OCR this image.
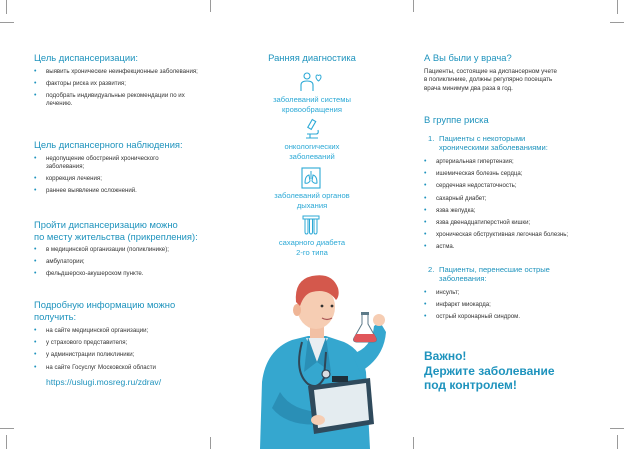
Цель диспансеризации:
• выявить хронические неинфекционные заболевания;
• факторы риска их развития;
• подобрать индивидуальные рекомендации по их лечению.
Цель диспансерного наблюдения:
• недопущение обострений хронического заболевания;
• коррекция лечения;
• раннее выявление осложнений.
Пройти диспансеризацию можно
по месту жительства (прикрепления):
• в медицинской организации (поликлинике);
• амбулатории;
• фельдшерско-акушерском пункте.
Подробную информацию можно
получить:
• на сайте медицинской организации;
• у страхового представителя;
• у администрации поликлиники;
• на сайте Госуслуг Московской области
https://uslugi.mosreg.ru/zdrav/
Ранняя диагностика
заболеваний системы
кровообращения
онкологических
заболеваний
заболеваний органов
дыхания
сахарного диабета
2-го типа
А Вы были у врача?
Пациенты, состоящие на диспансерном учете
в поликлинике, должны регулярно посещать
врача минимум два раза в год.
В группе риска
1. Пациенты с некоторыми
хроническими заболеваниями:
• артериальная гипертензия;
• ишемическая болезнь сердца;
• сердечная недостаточность;
• сахарный диабет;
• язва желудка;
• язва двенадцатиперстной кишки;
• хроническая обструктивная легочная болезнь;
• астма.
2. Пациенты, перенесшие острые
заболевания:
• инсульт;
• инфаркт миокарда;
• острый коронарный синдром.
Важно!
Держите заболевание
под контролем!
